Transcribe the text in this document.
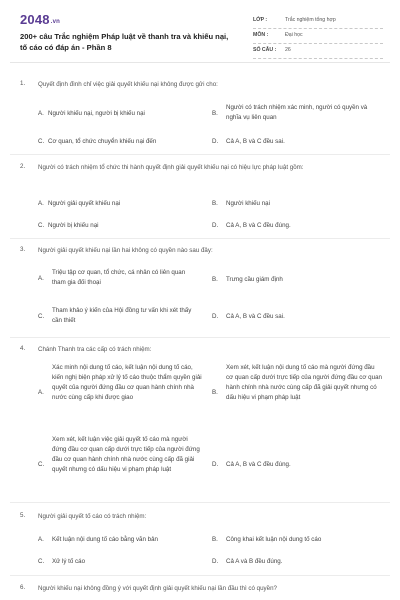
2048.vn
200+ câu Trắc nghiệm Pháp luật về thanh tra và khiếu nại, tố cáo có đáp án - Phần 8
LỚP :	Trắc nghiệm tổng hợp
MÔN :	Đại học
SỐ CÂU : 26
1. Quyết định đình chỉ việc giải quyết khiếu nại không được gửi cho:
A. Người khiếu nại, người bị khiếu nại	B.
Người có trách nhiệm xác minh, người có quyền và nghĩa vụ liên quan
C. Cơ quan, tổ chức chuyển khiếu nại đến	D. Cả A, B và C đều sai.
2. Người có trách nhiệm tổ chức thi hành quyết định giải quyết khiếu nại có hiệu lực pháp luật gồm:
A. Người giải quyết khiếu nại	B. Người khiếu nại
C. Người bị khiếu nại	D. Cả A, B và C đều đúng.
3. Người giải quyết khiếu nại lần hai không có quyền nào sau đây:
A.
Triệu tập cơ quan, tổ chức, cá nhân có liên quan tham gia đối thoại	B. Trưng cầu giám định
C.
Tham khảo ý kiến của Hội đồng tư vấn khi xét thấy cần thiết
D. Cả A, B và C đều sai.
4. Chánh Thanh tra các cấp có trách nhiệm:
A.
Xác minh nội dung tố cáo, kết luận nội dung tố cáo, kiến nghị biện pháp xử lý tố cáo thuộc thẩm quyền giải quyết của người đứng đầu cơ quan hành chính nhà nước cùng cấp khi được giao
B.
Xem xét, kết luận nội dung tố cáo mà người đứng đầu cơ quan cấp dưới trực tiếp của người đứng đầu cơ quan hành chính nhà nước cùng cấp đã giải quyết nhưng có dấu hiệu vi phạm pháp luật
C.
Xem xét, kết luận việc giải quyết tố cáo mà người đứng đầu cơ quan cấp dưới trực tiếp của người đứng đầu cơ quan hành chính nhà nước cùng cấp đã giải quyết nhưng có dấu hiệu vi phạm pháp luật
D. Cả A, B và C đều đúng.
5. Người giải quyết tố cáo có trách nhiệm:
A. Kết luận nội dung tố cáo bằng văn bản	B. Công khai kết luận nội dung tố cáo
C. Xử lý tố cáo	D. Cả A và B đều đúng.
6. Người khiếu nại không đồng ý với quyết định giải quyết khiếu nại lần đầu thì có quyền?
